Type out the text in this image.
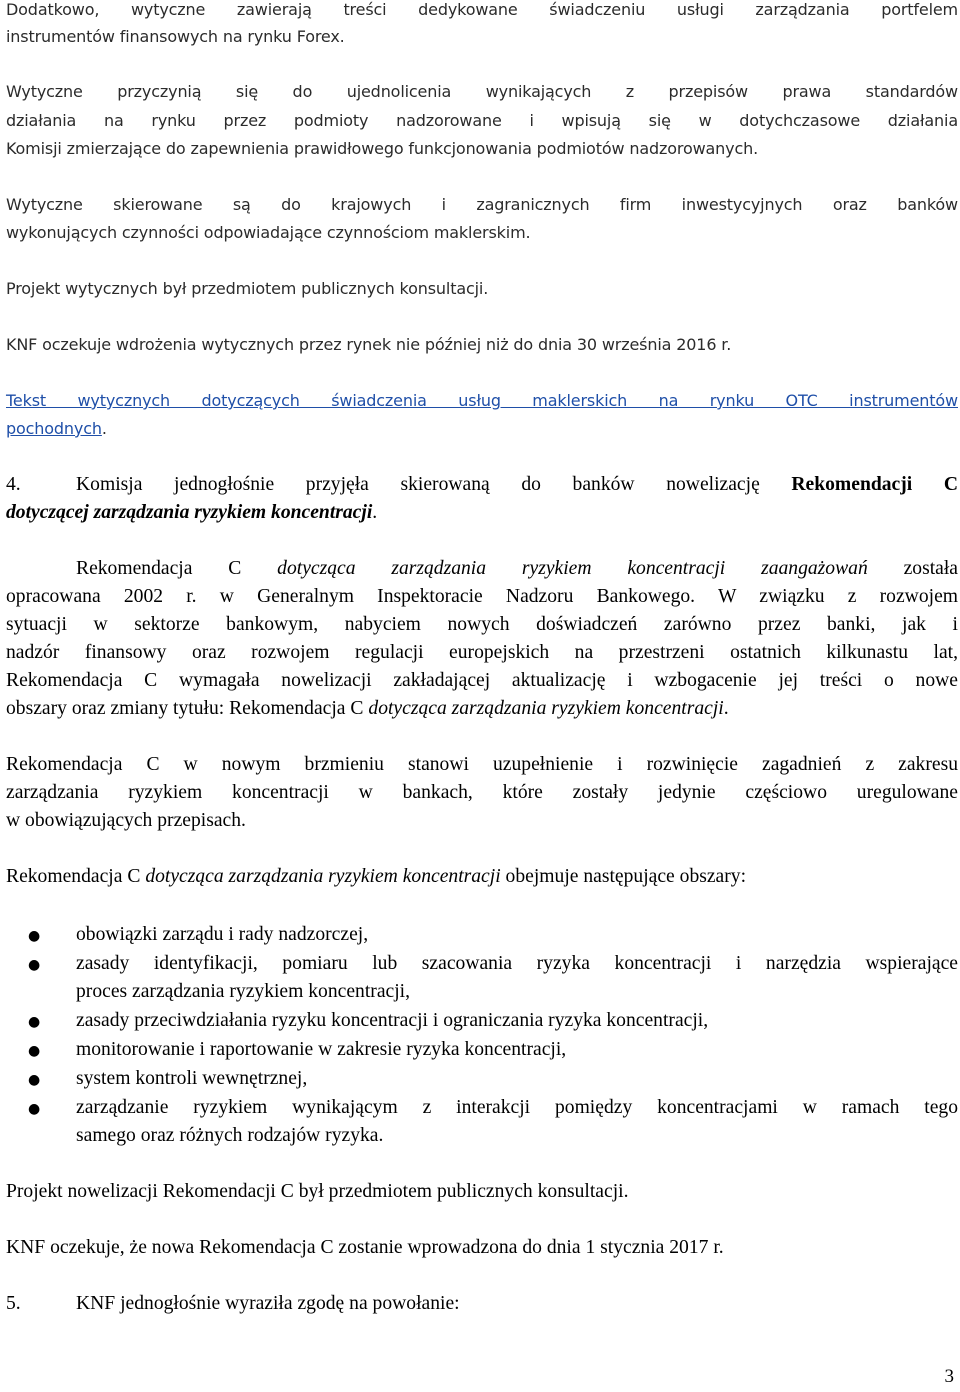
Dodatkowo, wytyczne zawierają treści dedykowane świadczeniu usługi zarządzania portfelem
instrumentów finansowych na rynku Forex.
Wytyczne przyczynią się do ujednolicenia wynikających z przepisów prawa standardów
działania na rynku przez podmioty nadzorowane i wpisują się w dotychczasowe działania
Komisji zmierzające do zapewnienia prawidłowego funkcjonowania podmiotów nadzorowanych.
Wytyczne skierowane są do krajowych i zagranicznych firm inwestycyjnych oraz banków
wykonujących czynności odpowiadające czynnościom maklerskim.
Projekt wytycznych był przedmiotem publicznych konsultacji.
KNF oczekuje wdrożenia wytycznych przez rynek nie później niż do dnia 30 września 2016 r.
Tekst wytycznych dotyczących świadczenia usług maklerskich na rynku OTC instrumentów
pochodnych.
4.	Komisja jednogłośnie przyjęła skierowaną do banków nowelizację Rekomendacji C
dotyczącej zarządzania ryzykiem koncentracji.
Rekomendacja C dotycząca zarządzania ryzykiem koncentracji zaangażowań została
opracowana 2002 r. w Generalnym Inspektoracie Nadzoru Bankowego. W związku z rozwojem
sytuacji w sektorze bankowym, nabyciem nowych doświadczeń zarówno przez banki, jak i
nadzór finansowy oraz rozwojem regulacji europejskich na przestrzeni ostatnich kilkunastu lat,
Rekomendacja C wymagała nowelizacji zakładającej aktualizację i wzbogacenie jej treści o nowe
obszary oraz zmiany tytułu: Rekomendacja C dotycząca zarządzania ryzykiem koncentracji.
Rekomendacja C w nowym brzmieniu stanowi uzupełnienie i rozwinięcie zagadnień z zakresu
zarządzania ryzykiem koncentracji w bankach, które zostały jedynie częściowo uregulowane
w obowiązujących przepisach.
Rekomendacja C dotycząca zarządzania ryzykiem koncentracji obejmuje następujące obszary:
● obowiązki zarządu i rady nadzorczej,
● zasady identyfikacji, pomiaru lub szacowania ryzyka koncentracji i narzędzia wspierające
proces zarządzania ryzykiem koncentracji,
● zasady przeciwdziałania ryzyku koncentracji i ograniczania ryzyka koncentracji,
● monitorowanie i raportowanie w zakresie ryzyka koncentracji,
● system kontroli wewnętrznej,
● zarządzanie ryzykiem wynikającym z interakcji pomiędzy koncentracjami w ramach tego
samego oraz różnych rodzajów ryzyka.
Projekt nowelizacji Rekomendacji C był przedmiotem publicznych konsultacji.
KNF oczekuje, że nowa Rekomendacja C zostanie wprowadzona do dnia 1 stycznia 2017 r.
5.	KNF jednogłośnie wyraziła zgodę na powołanie:
3
